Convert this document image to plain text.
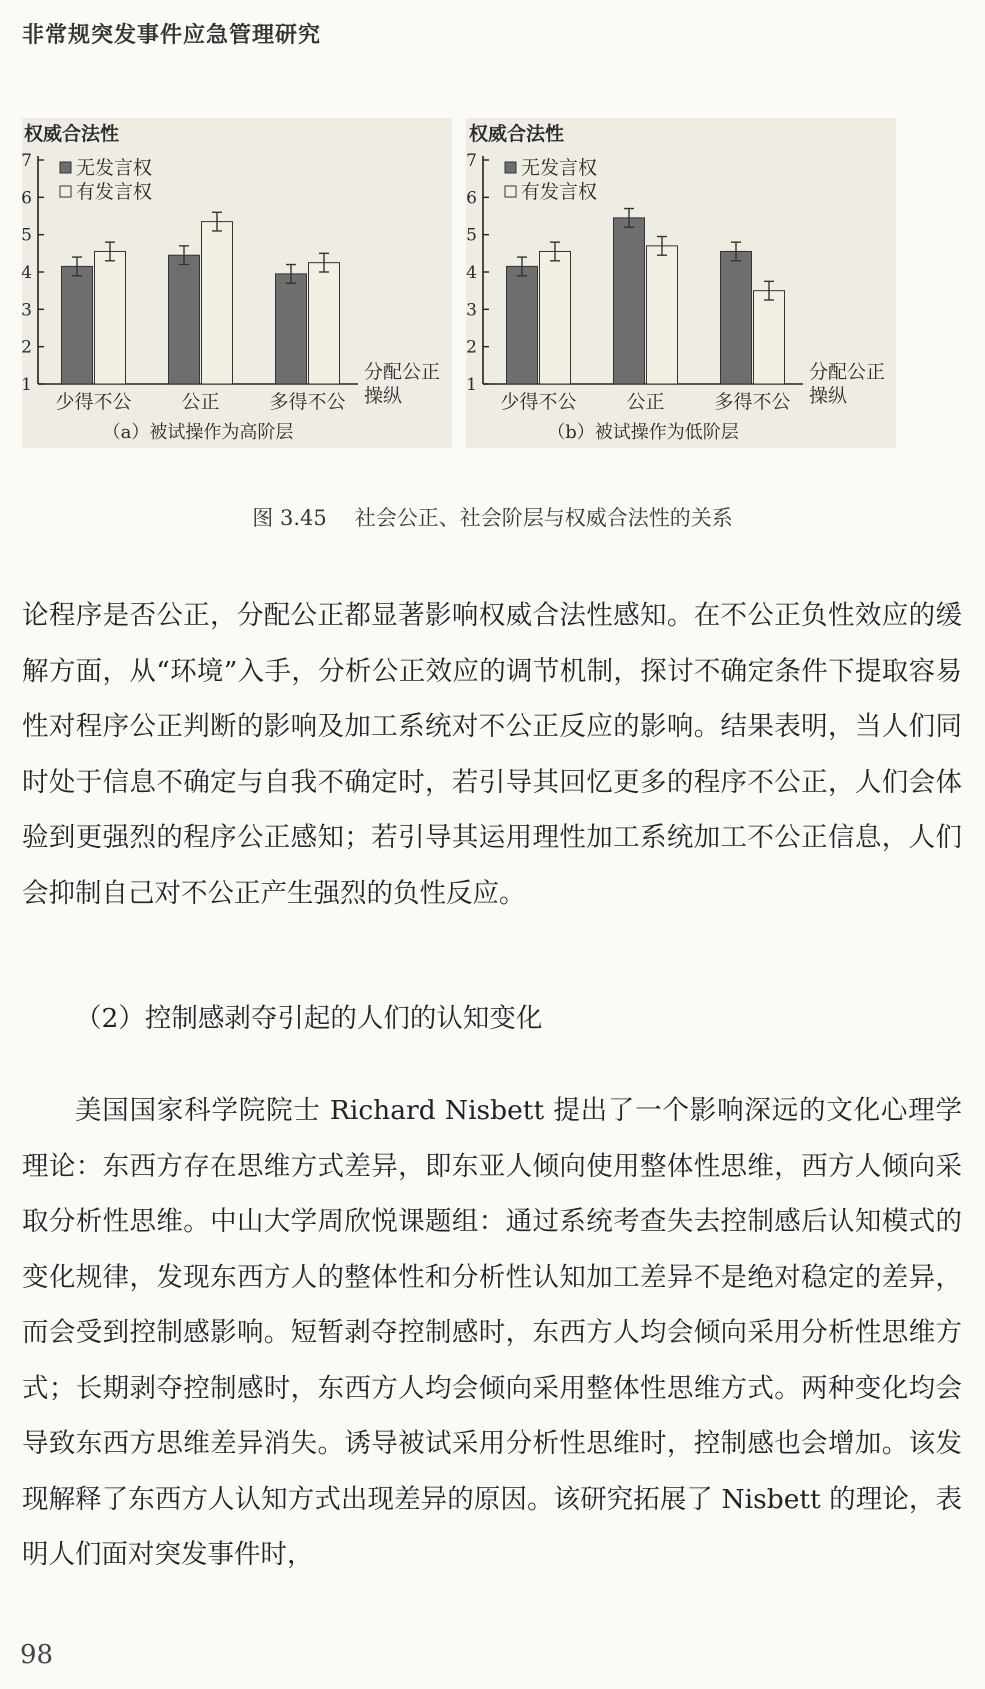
非常规突发事件应急管理研究
权威合法性
1
2
3
4
5
6
7
少得不公	公正	多得不公
分配公正
操纵
无发言权
有发言权
（a）被试操作为高阶层
权威合法性
1
2
3
4
5
6
7
少得不公	公正	多得不公
分配公正
操纵
无发言权
有发言权
（b）被试操作为低阶层
图 3.45 社会公正、社会阶层与权威合法性的关系

论程序是否公正，分配公正都显著影响权威合法性感知。在不公正负性效应的缓解方面，从“环境”入手，分析公正效应的调节机制，探讨不确定条件下提取容易性对程序公正判断的影响及加工系统对不公正反应的影响。结果表明，当人们同时处于信息不确定与自我不确定时，若引导其回忆更多的程序不公正，人们会体验到更强烈的程序公正感知；若引导其运用理性加工系统加工不公正信息，人们会抑制自己对不公正产生强烈的负性反应。

（2）控制感剥夺引起的人们的认知变化

美国国家科学院院士 Richard Nisbett 提出了一个影响深远的文化心理学理论：东西方存在思维方式差异，即东亚人倾向使用整体性思维，西方人倾向采取分析性思维。中山大学周欣悦课题组：通过系统考查失去控制感后认知模式的变化规律，发现东西方人的整体性和分析性认知加工差异不是绝对稳定的差异，而会受到控制感影响。短暂剥夺控制感时，东西方人均会倾向采用分析性思维方式；长期剥夺控制感时，东西方人均会倾向采用整体性思维方式。两种变化均会导致东西方思维差异消失。诱导被试采用分析性思维时，控制感也会增加。该发现解释了东西方人认知方式出现差异的原因。该研究拓展了 Nisbett 的理论，表明人们面对突发事件时，

98
